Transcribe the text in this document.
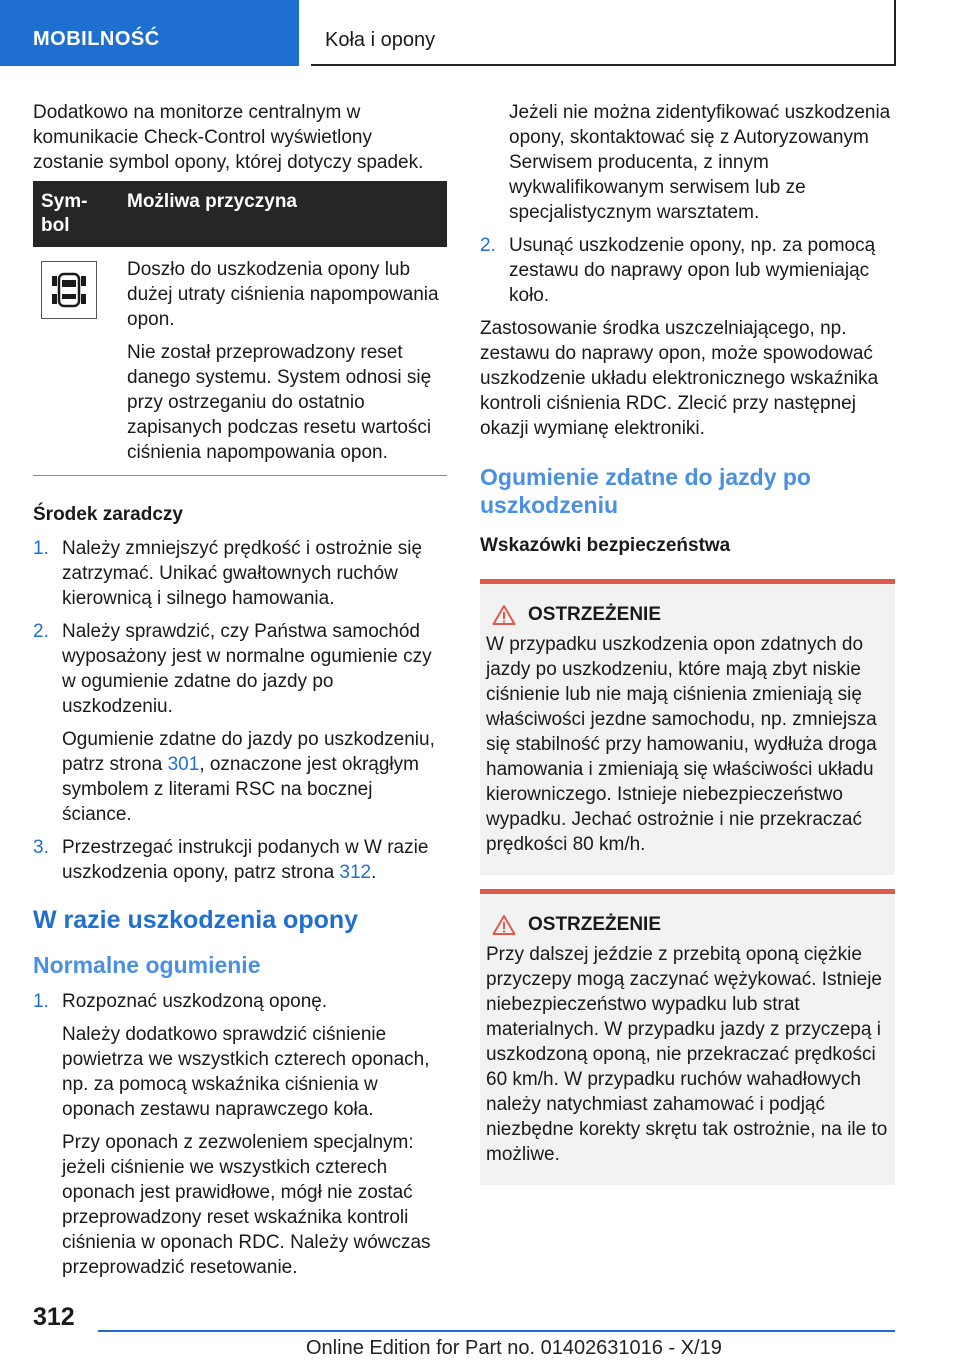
MOBILNOŚĆ	Koła i opony

Dodatkowo na monitorze centralnym w komunikacie Check-Control wyświetlony zostanie symbol opony, której dotyczy spadek.

Sym-bol	Możliwa przyczyna

Doszło do uszkodzenia opony lub dużej utraty ciśnienia napompowania opon.

Nie został przeprowadzony reset danego systemu. System odnosi się przy ostrzeganiu do ostatnio zapisanych podczas resetu wartości ciśnienia napompowania opon.

Środek zaradczy
1. Należy zmniejszyć prędkość i ostrożnie się zatrzymać. Unikać gwałtownych ruchów kierownicą i silnego hamowania.
2. Należy sprawdzić, czy Państwa samochód wyposażony jest w normalne ogumienie czy w ogumienie zdatne do jazdy po uszkodzeniu.

Ogumienie zdatne do jazdy po uszkodzeniu, patrz strona 301, oznaczone jest okrągłym symbolem z literami RSC na bocznej ściance.

3. Przestrzegać instrukcji podanych w W razie uszkodzenia opony, patrz strona 312.
W razie uszkodzenia opony
Normalne ogumienie
1. Rozpoznać uszkodzoną oponę.

Należy dodatkowo sprawdzić ciśnienie powietrza we wszystkich czterech oponach, np. za pomocą wskaźnika ciśnienia w oponach zestawu naprawczego koła.

Przy oponach z zezwoleniem specjalnym: jeżeli ciśnienie we wszystkich czterech oponach jest prawidłowe, mógł nie zostać przeprowadzony reset wskaźnika kontroli ciśnienia w oponach RDC. Należy wówczas przeprowadzić resetowanie.

Jeżeli nie można zidentyfikować uszkodzenia opony, skontaktować się z Autoryzowanym Serwisem producenta, z innym wykwalifikowanym serwisem lub ze specjalistycznym warsztatem.

2. Usunąć uszkodzenie opony, np. za pomocą zestawu do naprawy opon lub wymieniając koło.

Zastosowanie środka uszczelniającego, np. zestawu do naprawy opon, może spowodować uszkodzenie układu elektronicznego wskaźnika kontroli ciśnienia RDC. Zlecić przy następnej okazji wymianę elektroniki.

Ogumienie zdatne do jazdy po uszkodzeniu
Wskazówki bezpieczeństwa
OSTRZEŻENIE

W przypadku uszkodzenia opon zdatnych do jazdy po uszkodzeniu, które mają zbyt niskie ciśnienie lub nie mają ciśnienia zmieniają się właściwości jezdne samochodu, np. zmniejsza się stabilność przy hamowaniu, wydłuża droga hamowania i zmieniają się właściwości układu kierowniczego. Istnieje niebezpieczeństwo wypadku. Jechać ostrożnie i nie przekraczać prędkości 80 km/h.

OSTRZEŻENIE

Przy dalszej jeździe z przebitą oponą ciężkie przyczepy mogą zaczynać wężykować. Istnieje niebezpieczeństwo wypadku lub strat materialnych. W przypadku jazdy z przyczepą i uszkodzoną oponą, nie przekraczać prędkości 60 km/h. W przypadku ruchów wahadłowych należy natychmiast zahamować i podjąć niezbędne korekty skrętu tak ostrożnie, na ile to możliwe.

312
Online Edition for Part no. 01402631016 - X/19
